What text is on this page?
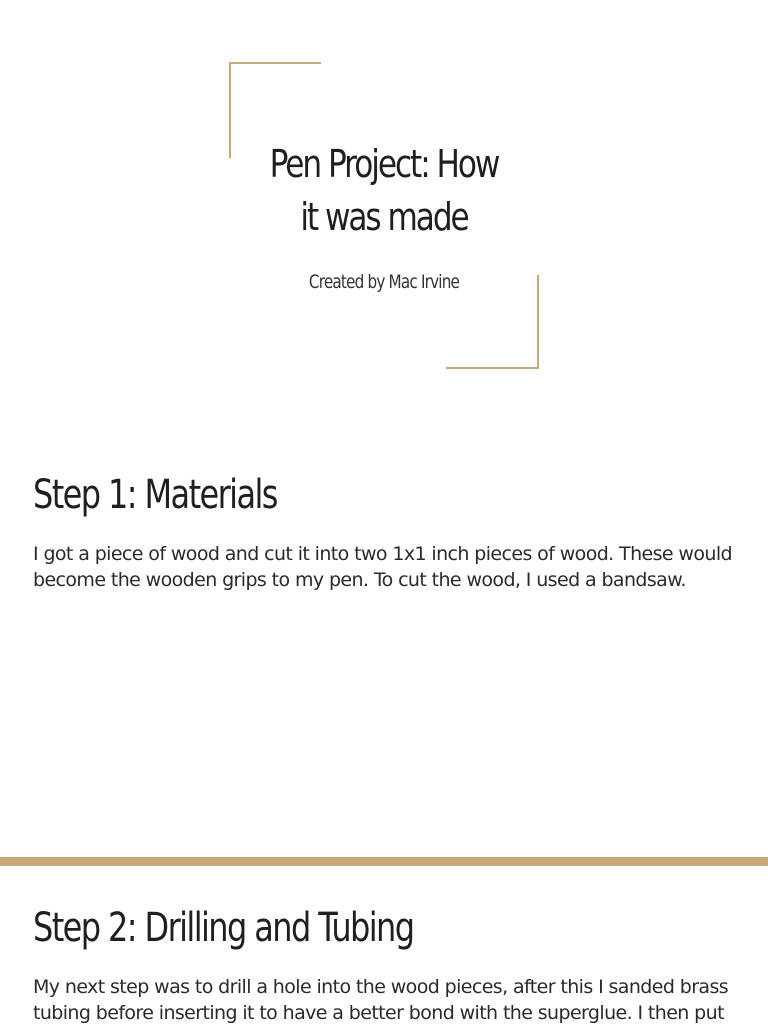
Pen Project: How
it was made

Created by Mac Irvine

Step 1: Materials

I got a piece of wood and cut it into two 1x1 inch pieces of wood. These would become the wooden grips to my pen. To cut the wood, I used a bandsaw.

Step 2: Drilling and Tubing

My next step was to drill a hole into the wood pieces, after this I sanded brass tubing before inserting it to have a better bond with the superglue. I then put
